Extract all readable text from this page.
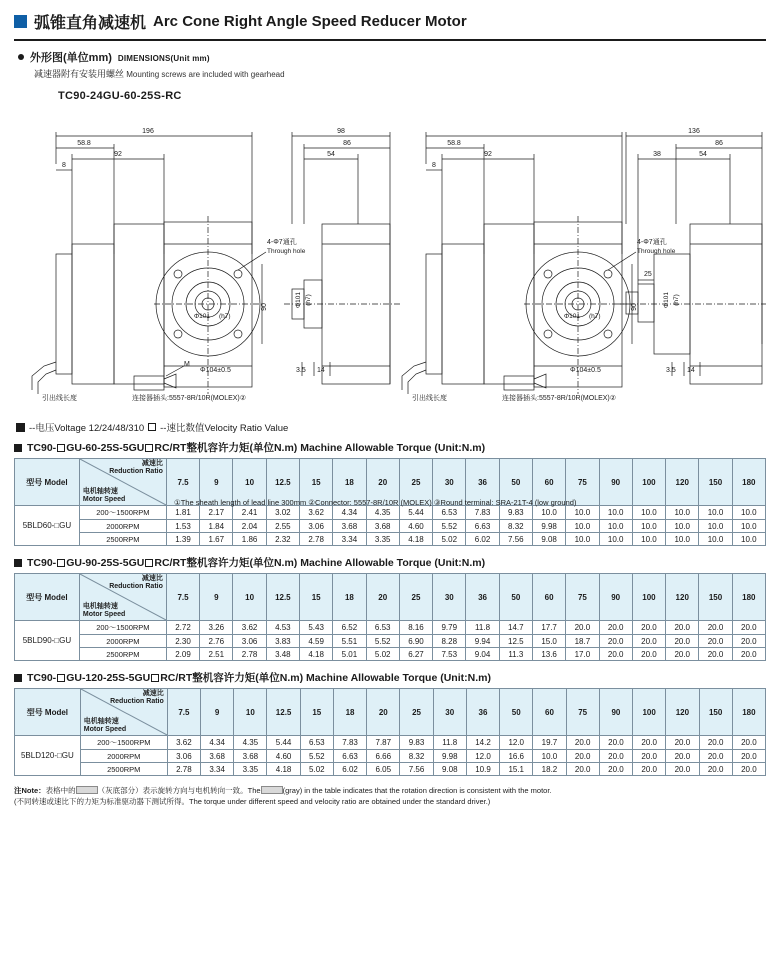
弧锥直角减速机 Arc Cone Right Angle Speed Reducer Motor
外形图(单位mm) DIMENSIONS(Unit mm)
减速器附有安装用螺丝 Mounting screws are included with gearhead
TC90-24GU-60-25S-RC
196
58.8
92
8
4-Φ7通孔
Through hole
90
Φ104±0.5
Φ101 (h7)
M
引出线长度	连接器插头:5557-8R/10R(MOLEX)②
98
86
54
Φ101 (h7)
3.5 14
58.8
92
8
4-Φ7通孔
Through hole
90
Φ104±0.5
Φ101 (h7)
引出线长度	连接器插头:5557-8R/10R(MOLEX)②
136
86
38	54
25
Φ101 (h7)
3.5 14
①The sheath length of lead line 300mm ②Connector: 5557-8R/10R (MOLEX) ③Round terminal: SRA-21T-4 (low ground)
--电压Voltage 12/24/48/310 --速比数值Velocity Ratio Value
TC90- GU-60-25S-5GU RC/RT整机容许力矩(单位N.m) Machine Allowable Torque (Unit:N.m)
型号 Model	减速比
Reduction Ratio
电机轴转速
Motor Speed	7.5	9	10	12.5	15	18	20	25	30	36	50	60	75	90	100	120	150	180
5BLD60-□GU	200～1500RPM	1.81	2.17	2.41	3.02	3.62	4.34	4.35	5.44	6.53	7.83	9.83	10.0	10.0	10.0	10.0	10.0	10.0	10.0
	2000RPM	1.53	1.84	2.04	2.55	3.06	3.68	3.68	4.60	5.52	6.63	8.32	9.98	10.0	10.0	10.0	10.0	10.0	10.0
	2500RPM	1.39	1.67	1.86	2.32	2.78	3.34	3.35	4.18	5.02	6.02	7.56	9.08	10.0	10.0	10.0	10.0	10.0	10.0
TC90- GU-90-25S-5GU RC/RT整机容许力矩(单位N.m) Machine Allowable Torque (Unit:N.m)
型号 Model	减速比
Reduction Ratio
电机轴转速
Motor Speed	7.5	9	10	12.5	15	18	20	25	30	36	50	60	75	90	100	120	150	180
5BLD90-□GU	200～1500RPM	2.72	3.26	3.62	4.53	5.43	6.52	6.53	8.16	9.79	11.8	14.7	17.7	20.0	20.0	20.0	20.0	20.0	20.0
	2000RPM	2.30	2.76	3.06	3.83	4.59	5.51	5.52	6.90	8.28	9.94	12.5	15.0	18.7	20.0	20.0	20.0	20.0	20.0
	2500RPM	2.09	2.51	2.78	3.48	4.18	5.01	5.02	6.27	7.53	9.04	11.3	13.6	17.0	20.0	20.0	20.0	20.0	20.0
TC90- GU-120-25S-5GU RC/RT整机容许力矩(单位N.m) Machine Allowable Torque (Unit:N.m)
型号 Model	减速比
Reduction Ratio
电机轴转速
Motor Speed	7.5	9	10	12.5	15	18	20	25	30	36	50	60	75	90	100	120	150	180
5BLD120-□GU	200～1500RPM	3.62	4.34	4.35	5.44	6.53	7.83	7.87	9.83	11.8	14.2	12.0	19.7	20.0	20.0	20.0	20.0	20.0	20.0
	2000RPM	3.06	3.68	3.68	4.60	5.52	6.63	6.66	8.32	9.98	12.0	16.6	10.0	20.0	20.0	20.0	20.0	20.0	20.0
	2500RPM	2.78	3.34	3.35	4.18	5.02	6.02	6.05	7.56	9.08	10.9	15.1	18.2	20.0	20.0	20.0	20.0	20.0	20.0
注Note：表格中的	（灰底部分）表示旋转方向与电机转向一致。The	(gray) in the table indicates that the rotation direction is consistent with the motor.
(不同转速或速比下的力矩为标准驱动器下测试所得。The torque under different speed and velocity ratio are obtained under the standard driver.)
